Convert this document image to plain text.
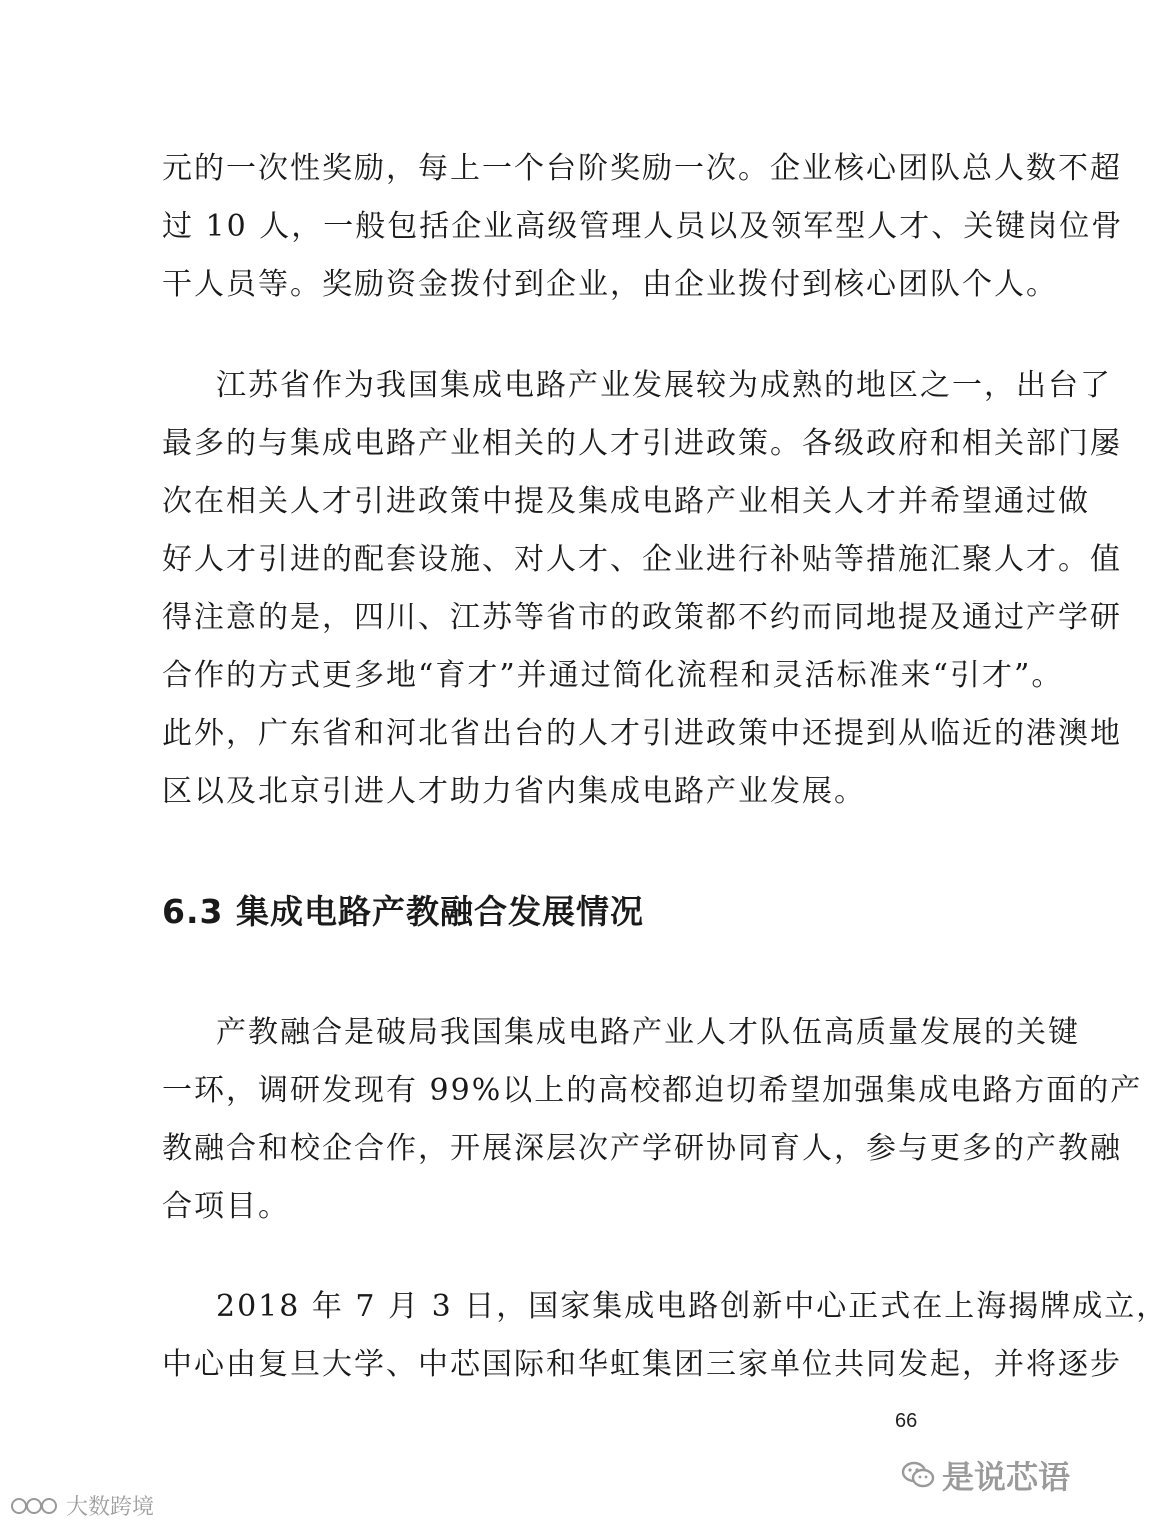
元的一次性奖励，每上一个台阶奖励一次。企业核心团队总人数不超
过 10 人，一般包括企业高级管理人员以及领军型人才、关键岗位骨
干人员等。奖励资金拨付到企业，由企业拨付到核心团队个人。
江苏省作为我国集成电路产业发展较为成熟的地区之一，出台了
最多的与集成电路产业相关的人才引进政策。各级政府和相关部门屡
次在相关人才引进政策中提及集成电路产业相关人才并希望通过做
好人才引进的配套设施、对人才、企业进行补贴等措施汇聚人才。值
得注意的是，四川、江苏等省市的政策都不约而同地提及通过产学研
合作的方式更多地“育才”并通过简化流程和灵活标准来“引才”。
此外，广东省和河北省出台的人才引进政策中还提到从临近的港澳地
区以及北京引进人才助力省内集成电路产业发展。
6.3 集成电路产教融合发展情况
产教融合是破局我国集成电路产业人才队伍高质量发展的关键
一环，调研发现有 99%以上的高校都迫切希望加强集成电路方面的产
教融合和校企合作，开展深层次产学研协同育人，参与更多的产教融
合项目。
2018 年 7 月 3 日，国家集成电路创新中心正式在上海揭牌成立，
中心由复旦大学、中芯国际和华虹集团三家单位共同发起，并将逐步
66
大数跨境
是说芯语
